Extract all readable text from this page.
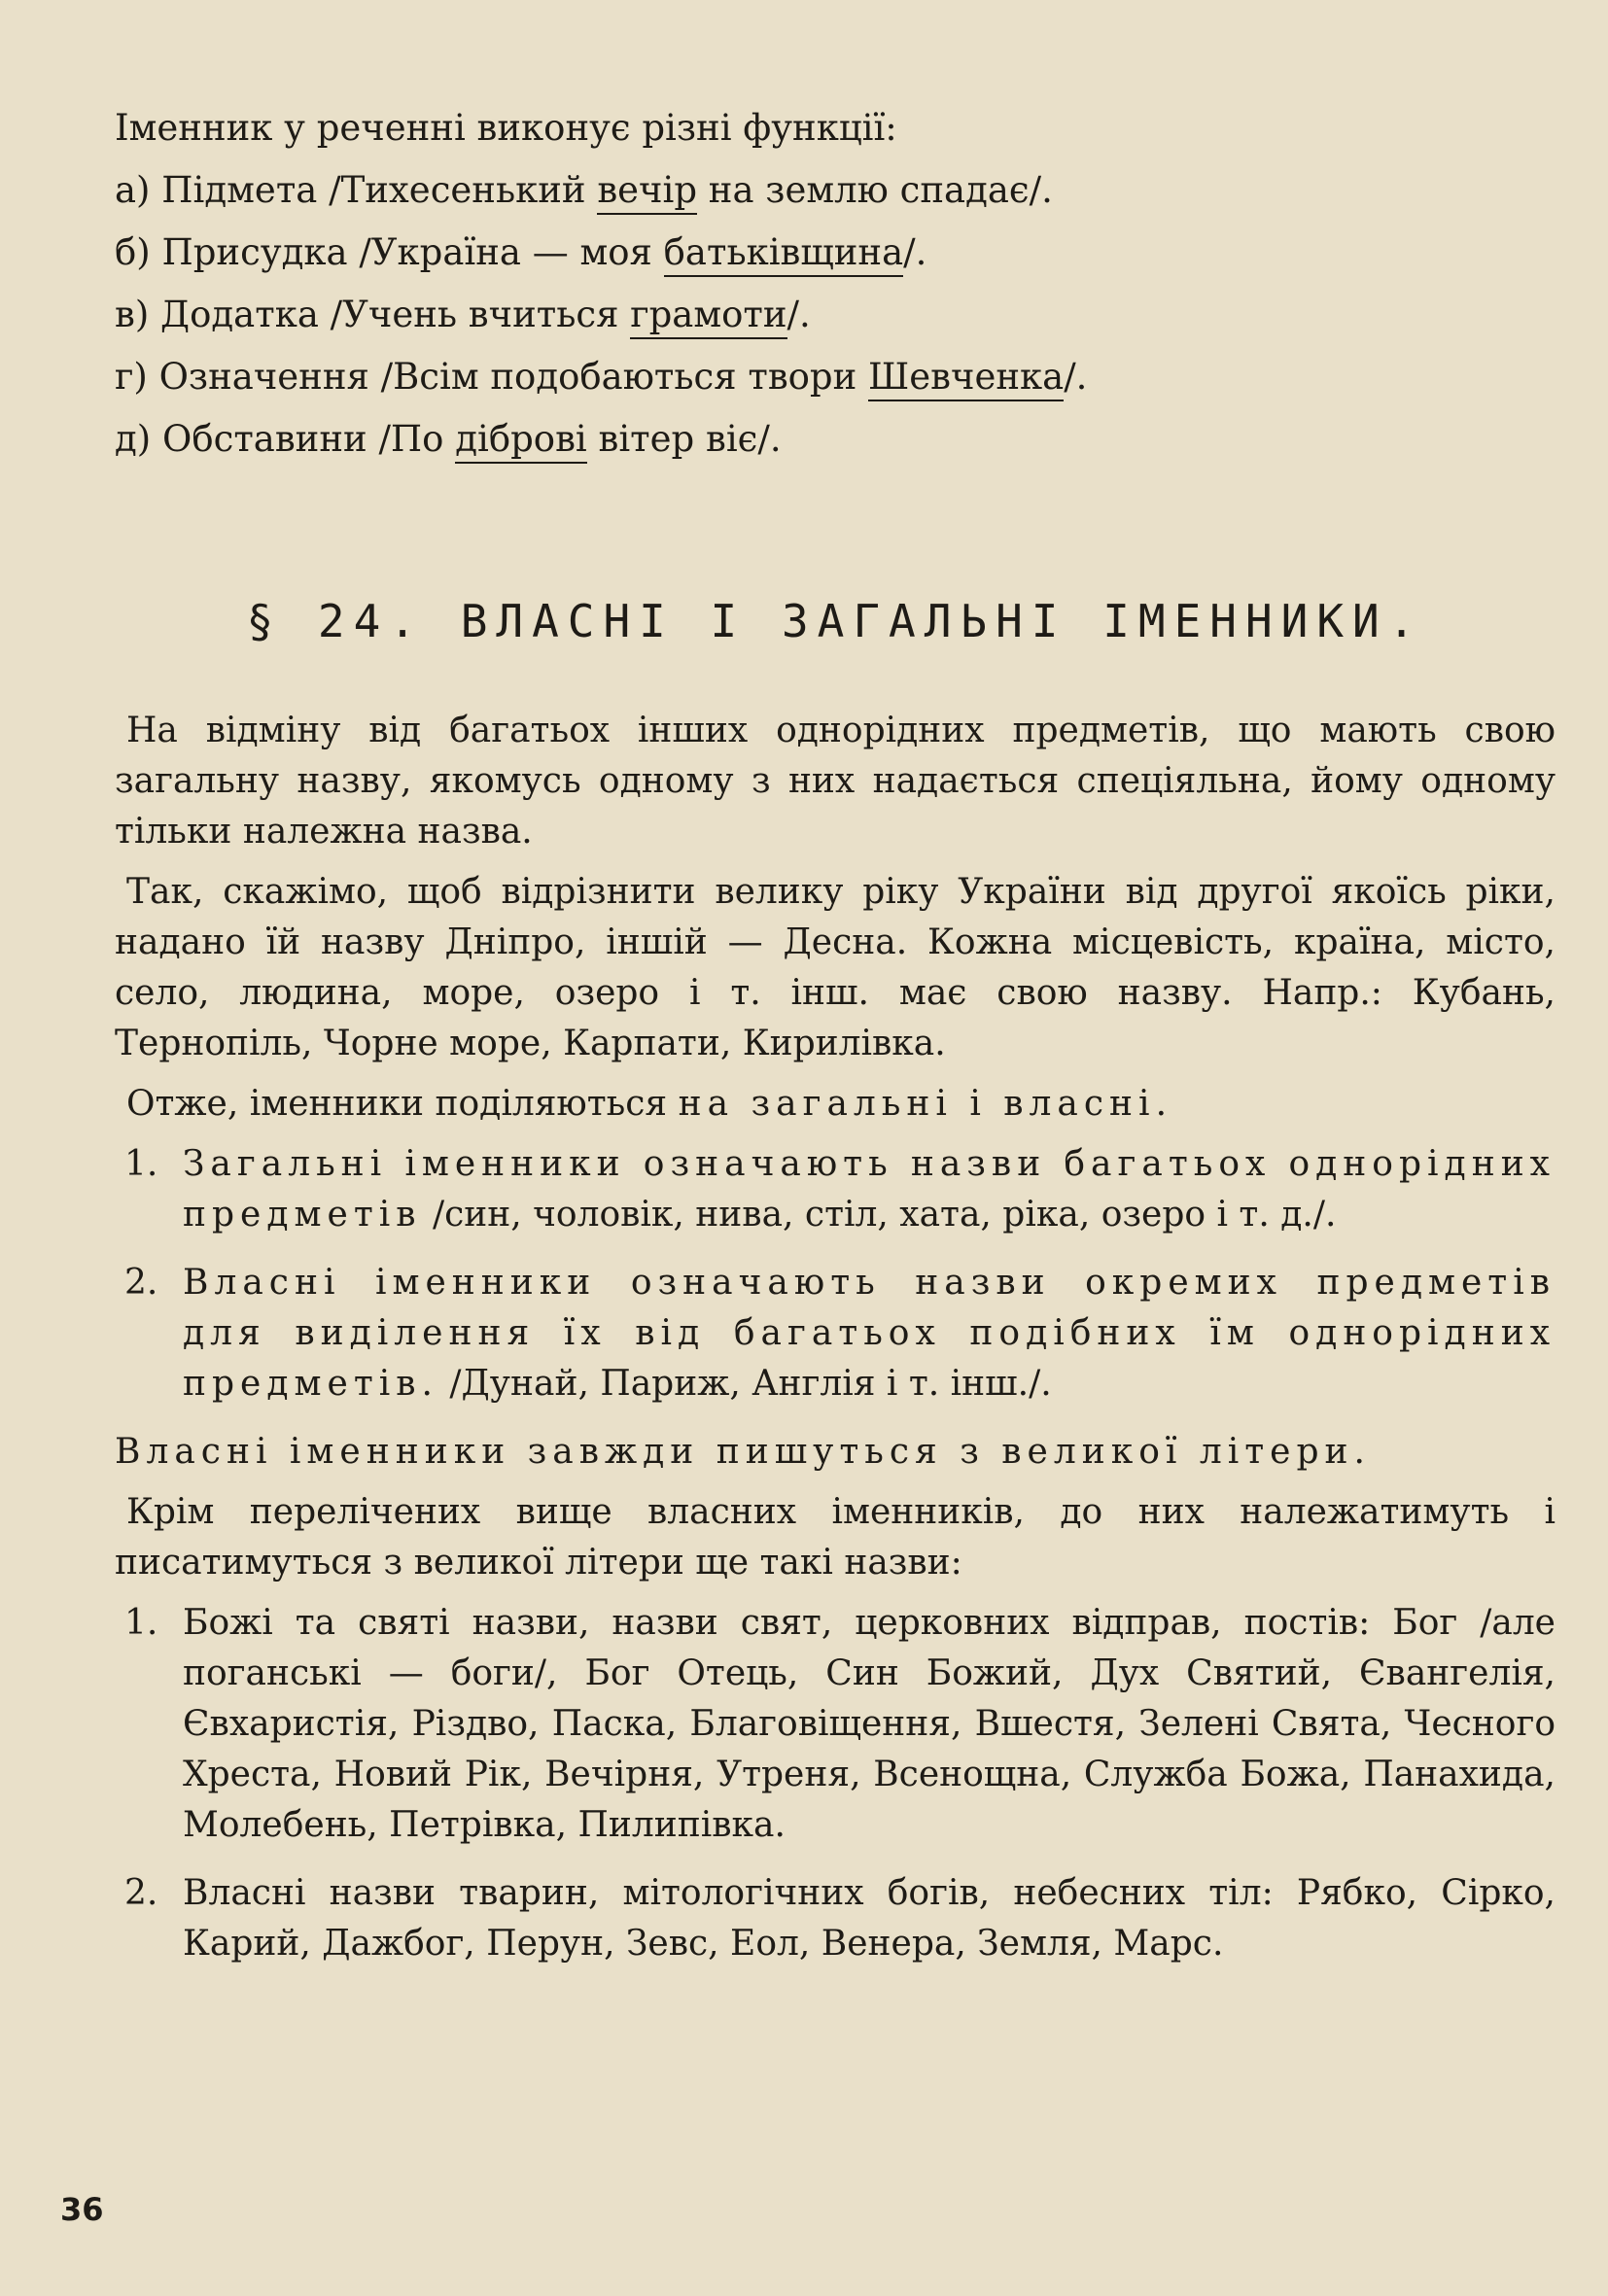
Іменник у реченні виконує різні функції:
а) Підмета /Тихесенький вечір на землю спадає/.
б) Присудка /Україна — моя батьківщина/.
в) Додатка /Учень вчиться грамоти/.
г) Означення /Всім подобаються твори Шевченка/.
д) Обставини /По діброві вітер віє/.
§ 24. ВЛАСНІ І ЗАГАЛЬНІ ІМЕННИКИ.

На відміну від багатьох інших однорідних предметів, що мають свою загальну назву, якомусь одному з них надається спеціяльна, йому одному тільки належна назва.

Так, скажімо, щоб відрізнити велику ріку України від другої якоїсь ріки, надано їй назву Дніпро, іншій — Десна. Кожна місцевість, країна, місто, село, людина, море, озеро і т. інш. має свою назву. Напр.: Кубань, Тернопіль, Чорне море, Карпати, Кирилівка.

Отже, іменники поділяються на загальні і власні.

1. Загальні іменники означають назви багатьох однорідних предметів /син, чоловік, нива, стіл, хата, ріка, озеро і т. д./.
2. Власні іменники означають назви окремих предметів для виділення їх від багатьох подібних їм однорідних предметів. /Дунай, Париж, Англія і т. інш./.

Власні іменники завжди пишуться з великої літери.

Крім перелічених вище власних іменників, до них належатимуть і писатимуться з великої літери ще такі назви:

1. Божі та святі назви, назви свят, церковних відправ, постів: Бог /але поганські — боги/, Бог Отець, Син Божий, Дух Святий, Євангелія, Євхаристія, Різдво, Паска, Благовіщення, Вшестя, Зелені Свята, Чесного Хреста, Новий Рік, Вечірня, Утреня, Всенощна, Служба Божа, Панахида, Молебень, Петрівка, Пилипівка.
2. Власні назви тварин, мітологічних богів, небесних тіл: Рябко, Сірко, Карий, Дажбог, Перун, Зевс, Еол, Венера, Земля, Марс.
36
